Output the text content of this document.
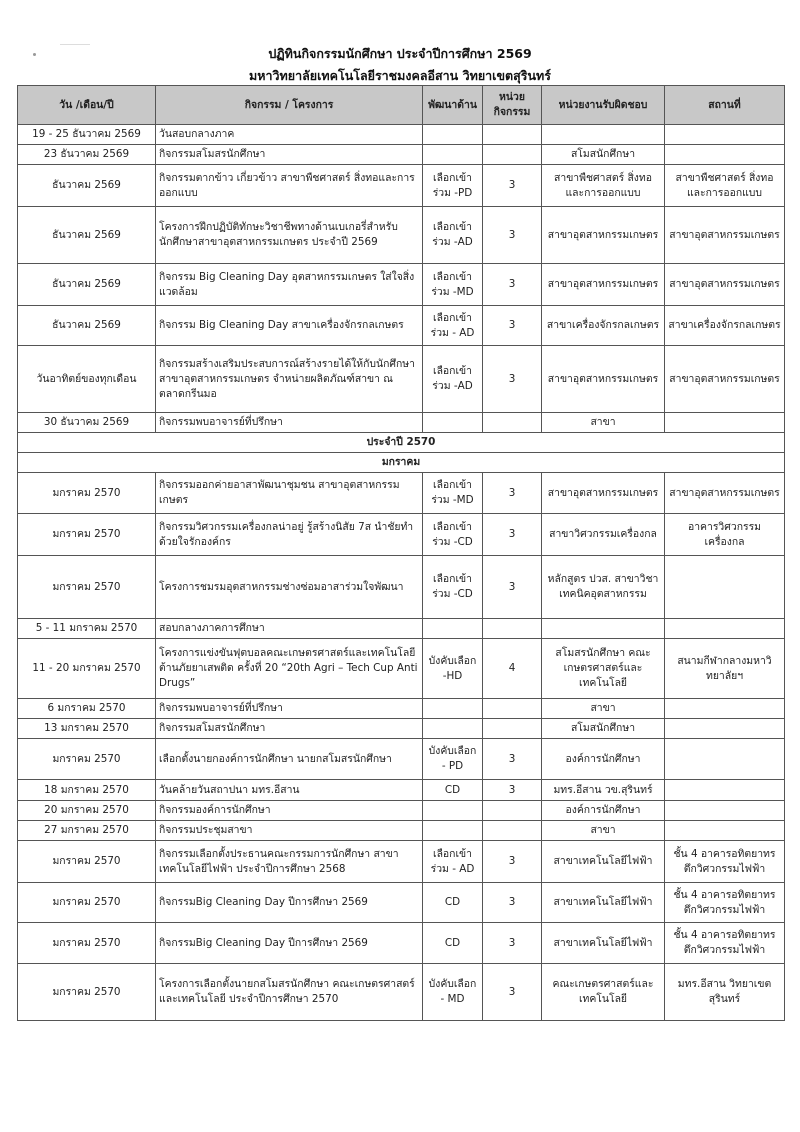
ปฏิทินกิจกรรมนักศึกษา ประจำปีการศึกษา 2569
มหาวิทยาลัยเทคโนโลยีราชมงคลอีสาน วิทยาเขตสุรินทร์
วัน /เดือน/ปี	กิจกรรม / โครงการ	พัฒนาด้าน	หน่วย กิจกรรม	หน่วยงานรับผิดชอบ	สถานที่
19 - 25 ธันวาคม 2569	วันสอบกลางภาค				
23 ธันวาคม 2569	กิจกรรมสโมสรนักศึกษา			สโมสนักศึกษา	
ธันวาคม 2569	กิจกรรมตากข้าว เกี่ยวข้าว สาขาพืชศาสตร์ สิ่งทอและการออกแบบ	เลือกเข้าร่วม -PD	3	สาขาพืชศาสตร์ สิ่งทอและการออกแบบ	สาขาพืชศาสตร์ สิ่งทอและการออกแบบ
ธันวาคม 2569	โครงการฝึกปฏิบัติทักษะวิชาชีพทางด้านเบเกอรี่สำหรับนักศึกษาสาขาอุตสาหกรรมเกษตร ประจำปี 2569	เลือกเข้าร่วม -AD	3	สาขาอุตสาหกรรมเกษตร	สาขาอุตสาหกรรมเกษตร
ธันวาคม 2569	กิจกรรม Big Cleaning Day อุตสาหกรรมเกษตร ใส่ใจสิ่งแวดล้อม	เลือกเข้าร่วม -MD	3	สาขาอุตสาหกรรมเกษตร	สาขาอุตสาหกรรมเกษตร
ธันวาคม 2569	กิจกรรม Big Cleaning Day สาขาเครื่องจักรกลเกษตร	เลือกเข้าร่วม - AD	3	สาขาเครื่องจักรกลเกษตร	สาขาเครื่องจักรกลเกษตร
วันอาทิตย์ของทุกเดือน	กิจกรรมสร้างเสริมประสบการณ์สร้างรายได้ให้กับนักศึกษาสาขาอุตสาหกรรมเกษตร จำหน่ายผลิตภัณฑ์สาขา ณ ตลาดกรีนมอ	เลือกเข้าร่วม -AD	3	สาขาอุตสาหกรรมเกษตร	สาขาอุตสาหกรรมเกษตร
30 ธันวาคม 2569	กิจกรรมพบอาจารย์ที่ปรึกษา			สาขา	
ประจำปี 2570					
มกราคม					
มกราคม 2570	กิจกรรมออกค่ายอาสาพัฒนาชุมชน สาขาอุตสาหกรรมเกษตร	เลือกเข้าร่วม -MD	3	สาขาอุตสาหกรรมเกษตร	สาขาอุตสาหกรรมเกษตร
มกราคม 2570	กิจกรรมวิศวกรรมเครื่องกลน่าอยู่ รู้สร้างนิสัย 7ส นำชัยทำด้วยใจรักองค์กร	เลือกเข้าร่วม -CD	3	สาขาวิศวกรรมเครื่องกล	อาคารวิศวกรรมเครื่องกล
มกราคม 2570	โครงการชมรมอุตสาหกรรมช่างซ่อมอาสาร่วมใจพัฒนา	เลือกเข้าร่วม -CD	3	หลักสูตร ปวส. สาขาวิชาเทคนิคอุตสาหกรรม	
5 - 11 มกราคม 2570	สอบกลางภาคการศึกษา				
11 - 20 มกราคม 2570	โครงการแข่งขันฟุตบอลคณะเกษตรศาสตร์และเทคโนโลยีต้านภัยยาเสพติด ครั้งที่ 20 “20th Agri – Tech Cup Anti Drugs”	บังคับเลือก -HD	4	สโมสรนักศึกษา คณะเกษตรศาสตร์และเทคโนโลยี	สนามกีฬากลางมหาวิทยาลัยฯ
6 มกราคม 2570	กิจกรรมพบอาจารย์ที่ปรึกษา			สาขา	
13 มกราคม 2570	กิจกรรมสโมสรนักศึกษา			สโมสนักศึกษา	
มกราคม 2570	เลือกตั้งนายกองค์การนักศึกษา นายกสโมสรนักศึกษา	บังคับเลือก - PD	3	องค์การนักศึกษา	
18 มกราคม 2570	วันคล้ายวันสถาปนา มทร.อีสาน	CD	3	มทร.อีสาน วข.สุรินทร์	
20 มกราคม 2570	กิจกรรมองค์การนักศึกษา			องค์การนักศึกษา	
27 มกราคม 2570	กิจกรรมประชุมสาขา			สาขา	
มกราคม 2570	กิจกรรมเลือกตั้งประธานคณะกรรมการนักศึกษา สาขาเทคโนโลยีไฟฟ้า ประจำปีการศึกษา 2568	เลือกเข้าร่วม - AD	3	สาขาเทคโนโลยีไฟฟ้า	ชั้น 4 อาคารอทิตยาทรตึกวิศวกรรมไฟฟ้า
มกราคม 2570	กิจกรรมBig Cleaning Day ปีการศึกษา 2569	CD	3	สาขาเทคโนโลยีไฟฟ้า	ชั้น 4 อาคารอทิตยาทรตึกวิศวกรรมไฟฟ้า
มกราคม 2570	กิจกรรมBig Cleaning Day ปีการศึกษา 2569	CD	3	สาขาเทคโนโลยีไฟฟ้า	ชั้น 4 อาคารอทิตยาทรตึกวิศวกรรมไฟฟ้า
มกราคม 2570	โครงการเลือกตั้งนายกสโมสรนักศึกษา คณะเกษตรศาสตร์และเทคโนโลยี ประจำปีการศึกษา 2570	บังคับเลือก - MD	3	คณะเกษตรศาสตร์และเทคโนโลยี	มทร.อีสาน วิทยาเขตสุรินทร์
